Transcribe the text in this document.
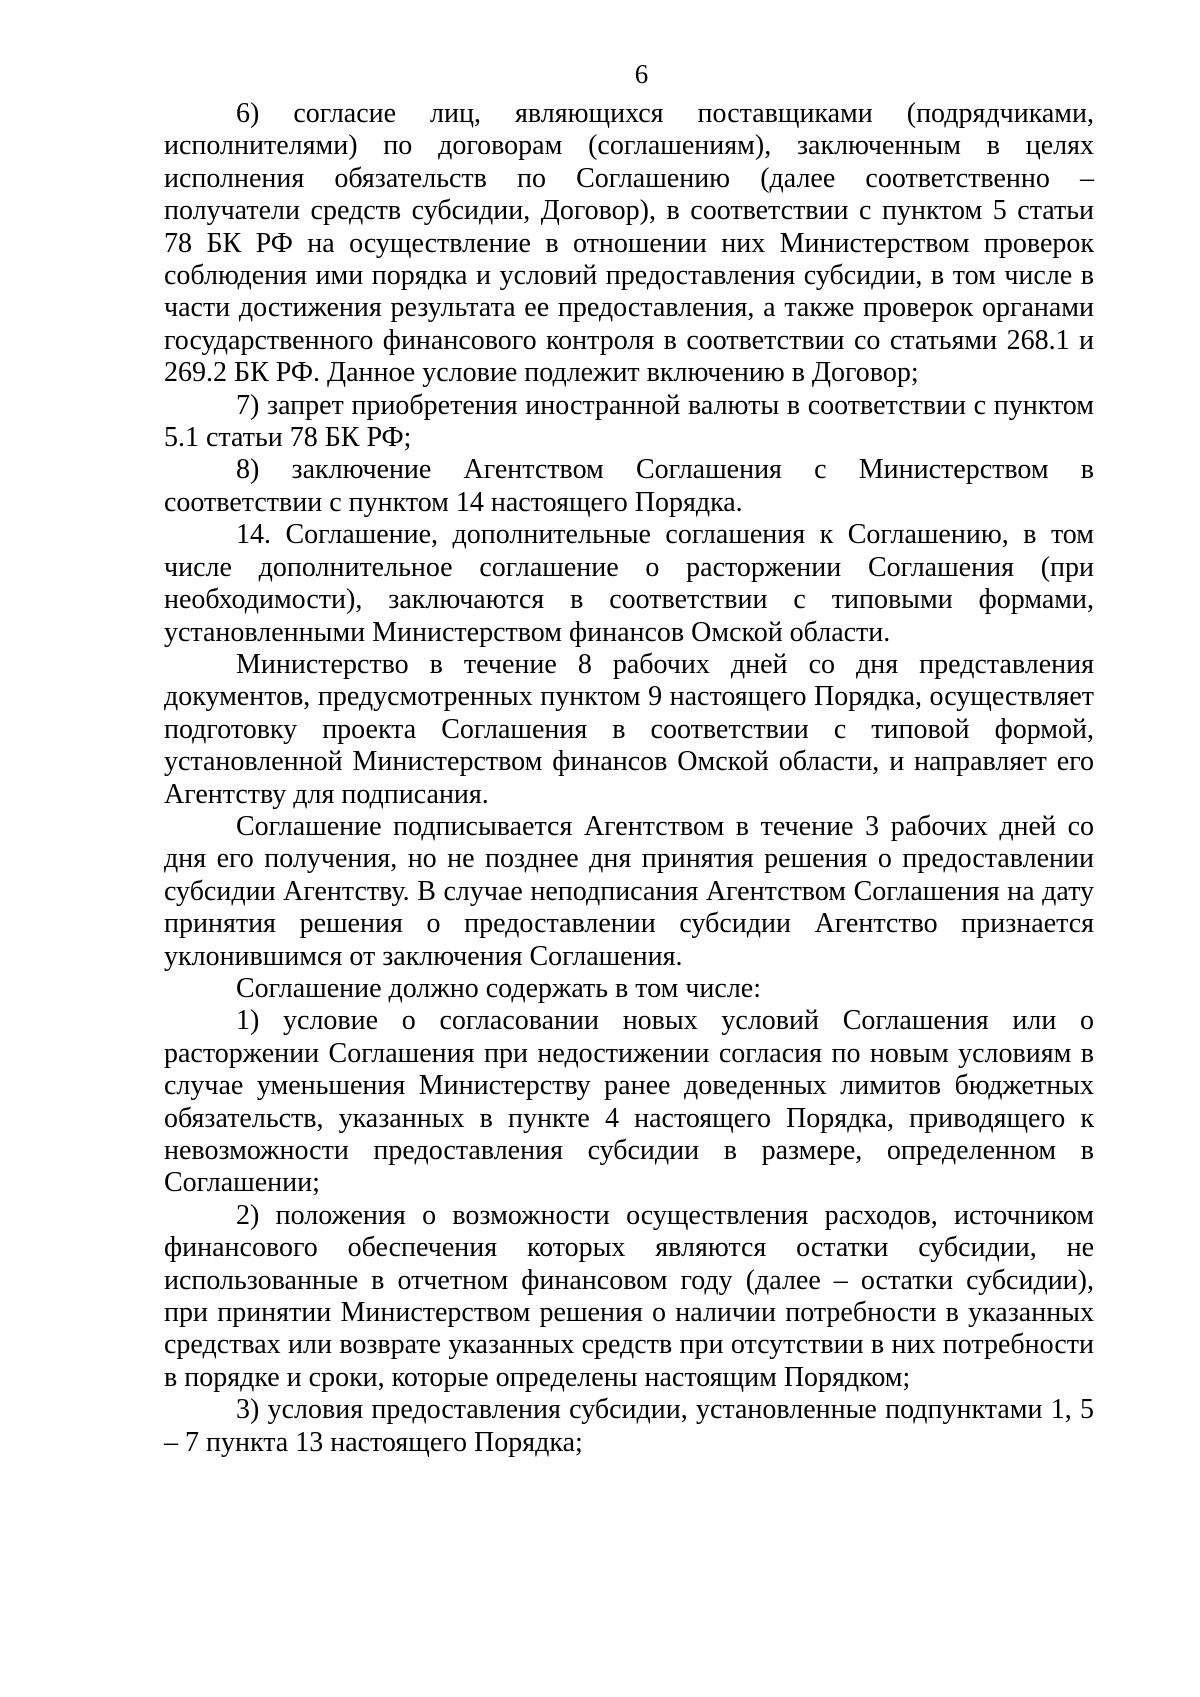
6

6) согласие лиц, являющихся поставщиками (подрядчиками, исполнителями) по договорам (соглашениям), заключенным в целях исполнения обязательств по Соглашению (далее соответственно – получатели средств субсидии, Договор), в соответствии с пунктом 5 статьи 78 БК РФ на осуществление в отношении них Министерством проверок соблюдения ими порядка и условий предоставления субсидии, в том числе в части достижения результата ее предоставления, а также проверок органами государственного финансового контроля в соответствии со статьями 268.1 и 269.2 БК РФ. Данное условие подлежит включению в Договор;

7) запрет приобретения иностранной валюты в соответствии с пунктом 5.1 статьи 78 БК РФ;

8) заключение Агентством Соглашения с Министерством в соответствии с пунктом 14 настоящего Порядка.

14. Соглашение, дополнительные соглашения к Соглашению, в том числе дополнительное соглашение о расторжении Соглашения (при необходимости), заключаются в соответствии с типовыми формами, установленными Министерством финансов Омской области.

Министерство в течение 8 рабочих дней со дня представления документов, предусмотренных пунктом 9 настоящего Порядка, осуществляет подготовку проекта Соглашения в соответствии с типовой формой, установленной Министерством финансов Омской области, и направляет его Агентству для подписания.

Соглашение подписывается Агентством в течение 3 рабочих дней со дня его получения, но не позднее дня принятия решения о предоставлении субсидии Агентству. В случае неподписания Агентством Соглашения на дату принятия решения о предоставлении субсидии Агентство признается уклонившимся от заключения Соглашения.

Соглашение должно содержать в том числе:

1) условие о согласовании новых условий Соглашения или о расторжении Соглашения при недостижении согласия по новым условиям в случае уменьшения Министерству ранее доведенных лимитов бюджетных обязательств, указанных в пункте 4 настоящего Порядка, приводящего к невозможности предоставления субсидии в размере, определенном в Соглашении;

2) положения о возможности осуществления расходов, источником финансового обеспечения которых являются остатки субсидии, не использованные в отчетном финансовом году (далее – остатки субсидии), при принятии Министерством решения о наличии потребности в указанных средствах или возврате указанных средств при отсутствии в них потребности в порядке и сроки, которые определены настоящим Порядком;

3) условия предоставления субсидии, установленные подпунктами 1, 5 – 7 пункта 13 настоящего Порядка;
